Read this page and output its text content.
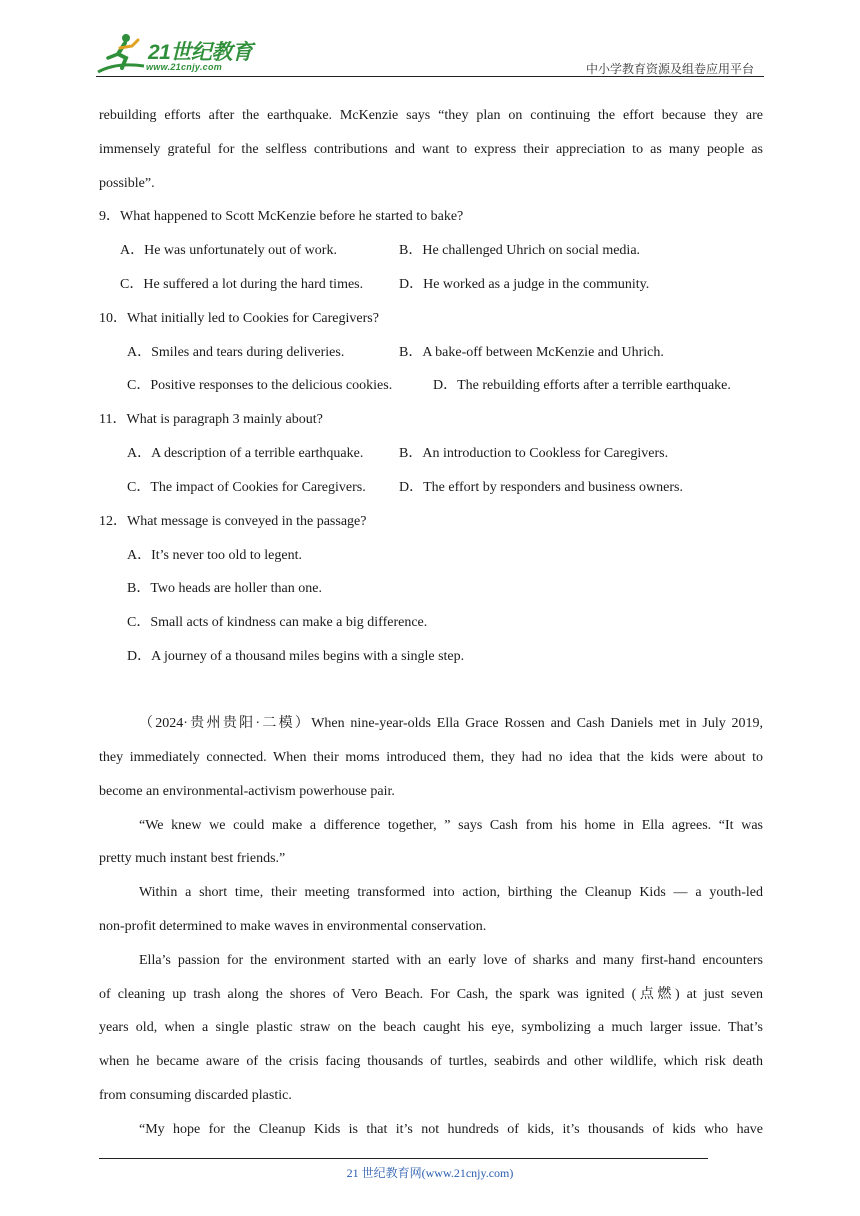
21世纪教育
www.21cnjy.com	中小学教育资源及组卷应用平台
rebuilding efforts after the earthquake. McKenzie says “they plan on continuing the effort because they are
immensely grateful for the selfless contributions and want to express their appreciation to as many people as
possible”.
9．What happened to Scott McKenzie before he started to bake?
A．He was unfortunately out of work.	B．He challenged Uhrich on social media.
C．He suffered a lot during the hard times.	D．He worked as a judge in the community.
10．What initially led to Cookies for Caregivers?
A．Smiles and tears during deliveries.	B．A bake-off between McKenzie and Uhrich.
C．Positive responses to the delicious cookies.	D．The rebuilding efforts after a terrible earthquake.
11．What is paragraph 3 mainly about?
A．A description of a terrible earthquake.	B．An introduction to Cookless for Caregivers.
C．The impact of Cookies for Caregivers. D．The effort by responders and business owners.
12．What message is conveyed in the passage?
A．It’s never too old to legent.
B．Two heads are holler than one.
C．Small acts of kindness can make a big difference.
D．A journey of a thousand miles begins with a single step.
（2024·贵州贵阳·二模）When nine-year-olds Ella Grace Rossen and Cash Daniels met in July 2019,
they immediately connected. When their moms introduced them, they had no idea that the kids were about to
become an environmental-activism powerhouse pair.
“We knew we could make a difference together, ” says Cash from his home in Ella agrees. “It was
pretty much instant best friends.”
Within a short time, their meeting transformed into action, birthing the Cleanup Kids — a youth-led
non-profit determined to make waves in environmental conservation.
Ella’s passion for the environment started with an early love of sharks and many first-hand encounters
of cleaning up trash along the shores of Vero Beach. For Cash, the spark was ignited (点燃) at just seven
years old, when a single plastic straw on the beach caught his eye, symbolizing a much larger issue. That’s
when he became aware of the crisis facing thousands of turtles, seabirds and other wildlife, which risk death
from consuming discarded plastic.
“My hope for the Cleanup Kids is that it’s not hundreds of kids, it’s thousands of kids who have
21 世纪教育网(www.21cnjy.com)
